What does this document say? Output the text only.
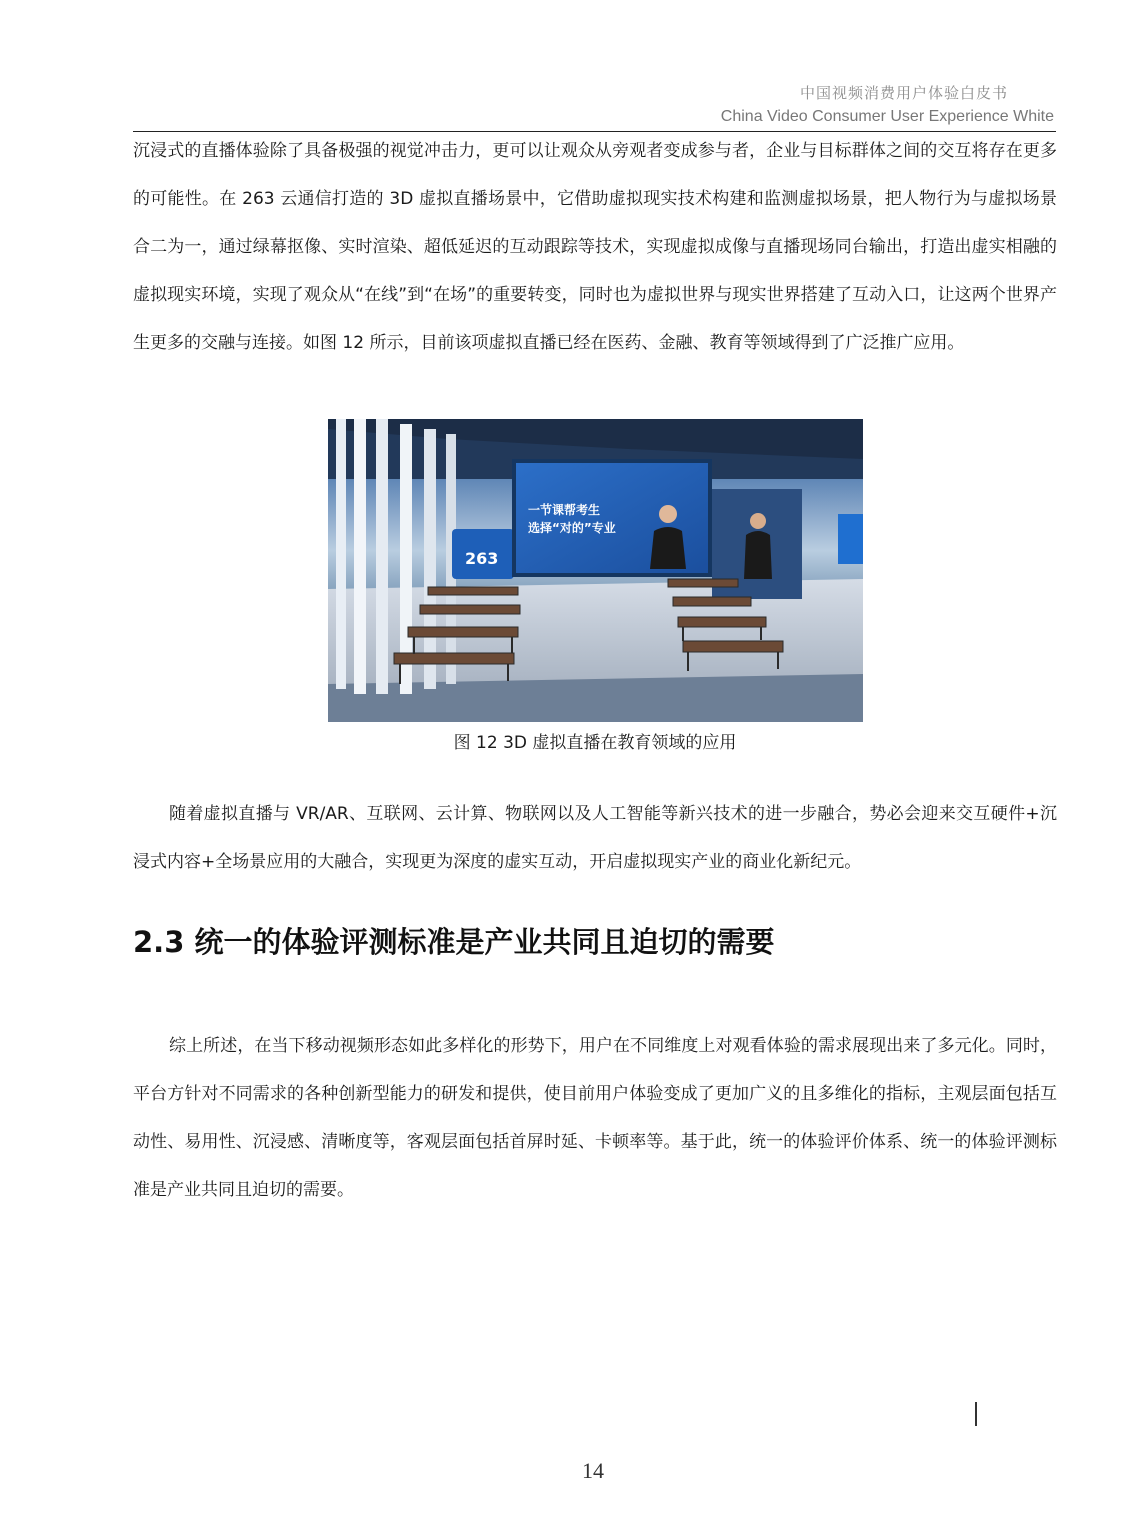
中国视频消费用户体验白皮书
China Video Consumer User Experience White

沉浸式的直播体验除了具备极强的视觉冲击力，更可以让观众从旁观者变成参与者，企业与目标群体之间的交互将存在更多的可能性。在 263 云通信打造的 3D 虚拟直播场景中，它借助虚拟现实技术构建和监测虚拟场景，把人物行为与虚拟场景合二为一，通过绿幕抠像、实时渲染、超低延迟的互动跟踪等技术，实现虚拟成像与直播现场同台输出，打造出虚实相融的虚拟现实环境，实现了观众从“在线”到“在场”的重要转变，同时也为虚拟世界与现实世界搭建了互动入口，让这两个世界产生更多的交融与连接。如图 12 所示，目前该项虚拟直播已经在医药、金融、教育等领域得到了广泛推广应用。

263
一节课帮考生
选择“对的”专业
图 12 3D 虚拟直播在教育领域的应用

随着虚拟直播与 VR/AR、互联网、云计算、物联网以及人工智能等新兴技术的进一步融合，势必会迎来交互硬件+沉浸式内容+全场景应用的大融合，实现更为深度的虚实互动，开启虚拟现实产业的商业化新纪元。

2.3 统一的体验评测标准是产业共同且迫切的需要

综上所述，在当下移动视频形态如此多样化的形势下，用户在不同维度上对观看体验的需求展现出来了多元化。同时，平台方针对不同需求的各种创新型能力的研发和提供，使目前用户体验变成了更加广义的且多维化的指标，主观层面包括互动性、易用性、沉浸感、清晰度等，客观层面包括首屏时延、卡顿率等。基于此，统一的体验评价体系、统一的体验评测标准是产业共同且迫切的需要。

14
